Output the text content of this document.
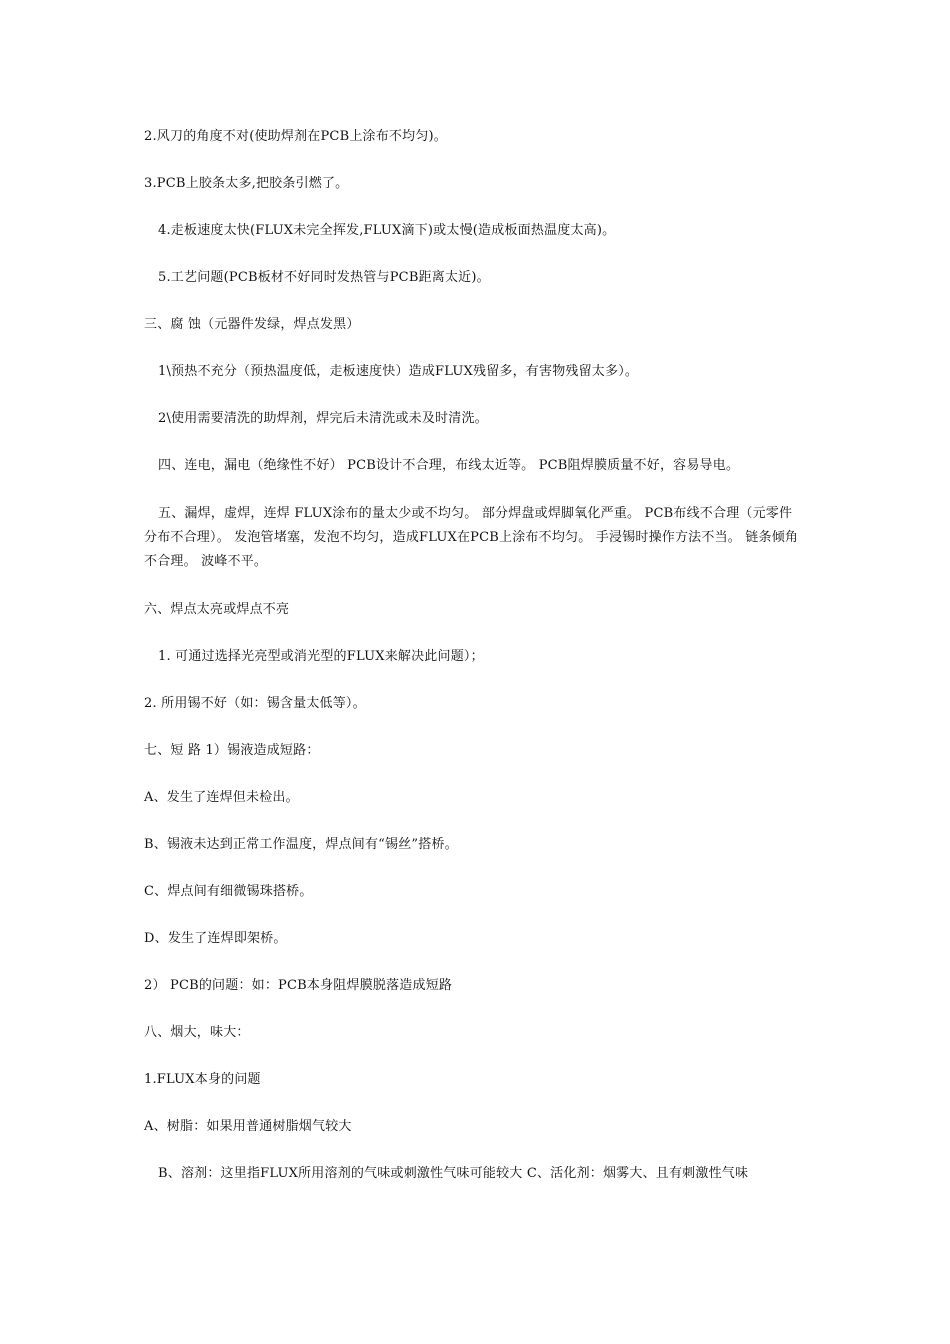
2.风刀的角度不对(使助焊剂在PCB上涂布不均匀)。
3.PCB上胶条太多,把胶条引燃了。
4.走板速度太快(FLUX未完全挥发,FLUX滴下)或太慢(造成板面热温度太高)。
5.工艺问题(PCB板材不好同时发热管与PCB距离太近)。
三、腐 蚀（元器件发绿，焊点发黑）
1\预热不充分（预热温度低，走板速度快）造成FLUX残留多，有害物残留太多）。
2\使用需要清洗的助焊剂，焊完后未清洗或未及时清洗。
四、连电，漏电（绝缘性不好） PCB设计不合理，布线太近等。 PCB阻焊膜质量不好，容易导电。
五、漏焊，虚焊，连焊 FLUX涂布的量太少或不均匀。 部分焊盘或焊脚氧化严重。 PCB布线不合理（元零件分布不合理）。 发泡管堵塞，发泡不均匀，造成FLUX在PCB上涂布不均匀。 手浸锡时操作方法不当。 链条倾角不合理。 波峰不平。
六、焊点太亮或焊点不亮
1. 可通过选择光亮型或消光型的FLUX来解决此问题）；
2. 所用锡不好（如：锡含量太低等）。
七、短 路 1）锡液造成短路：
A、发生了连焊但未检出。
B、锡液未达到正常工作温度，焊点间有“锡丝”搭桥。
C、焊点间有细微锡珠搭桥。
D、发生了连焊即架桥。
2） PCB的问题：如：PCB本身阻焊膜脱落造成短路
八、烟大，味大：
1.FLUX本身的问题
A、树脂：如果用普通树脂烟气较大
B、溶剂：这里指FLUX所用溶剂的气味或刺激性气味可能较大 C、活化剂：烟雾大、且有刺激性气味
